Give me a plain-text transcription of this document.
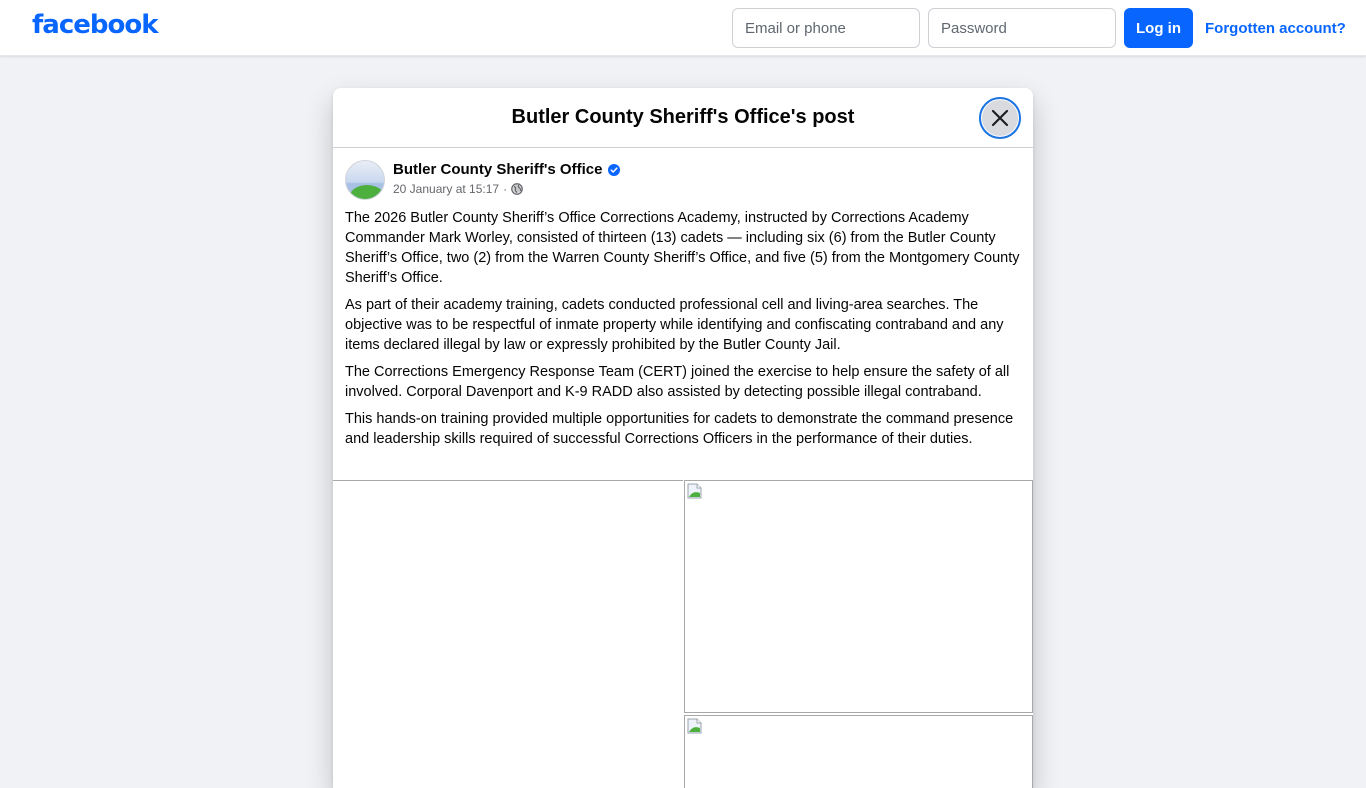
facebook
Email or phone	Log in	Forgotten account?
Butler County Sheriff's Office's post
Butler County Sheriff's Office
20 January at 15:17 ·

The 2026 Butler County Sheriff’s Office Corrections Academy, instructed by Corrections Academy Commander Mark Worley, consisted of thirteen (13) cadets — including six (6) from the Butler County Sheriff’s Office, two (2) from the Warren County Sheriff’s Office, and five (5) from the Montgomery County Sheriff’s Office.

As part of their academy training, cadets conducted professional cell and living-area searches. The objective was to be respectful of inmate property while identifying and confiscating contraband and any items declared illegal by law or expressly prohibited by the Butler County Jail.

The Corrections Emergency Response Team (CERT) joined the exercise to help ensure the safety of all involved. Corporal Davenport and K-9 RADD also assisted by detecting possible illegal contraband.

This hands-on training provided multiple opportunities for cadets to demonstrate the command presence and leadership skills required of successful Corrections Officers in the performance of their duties.
